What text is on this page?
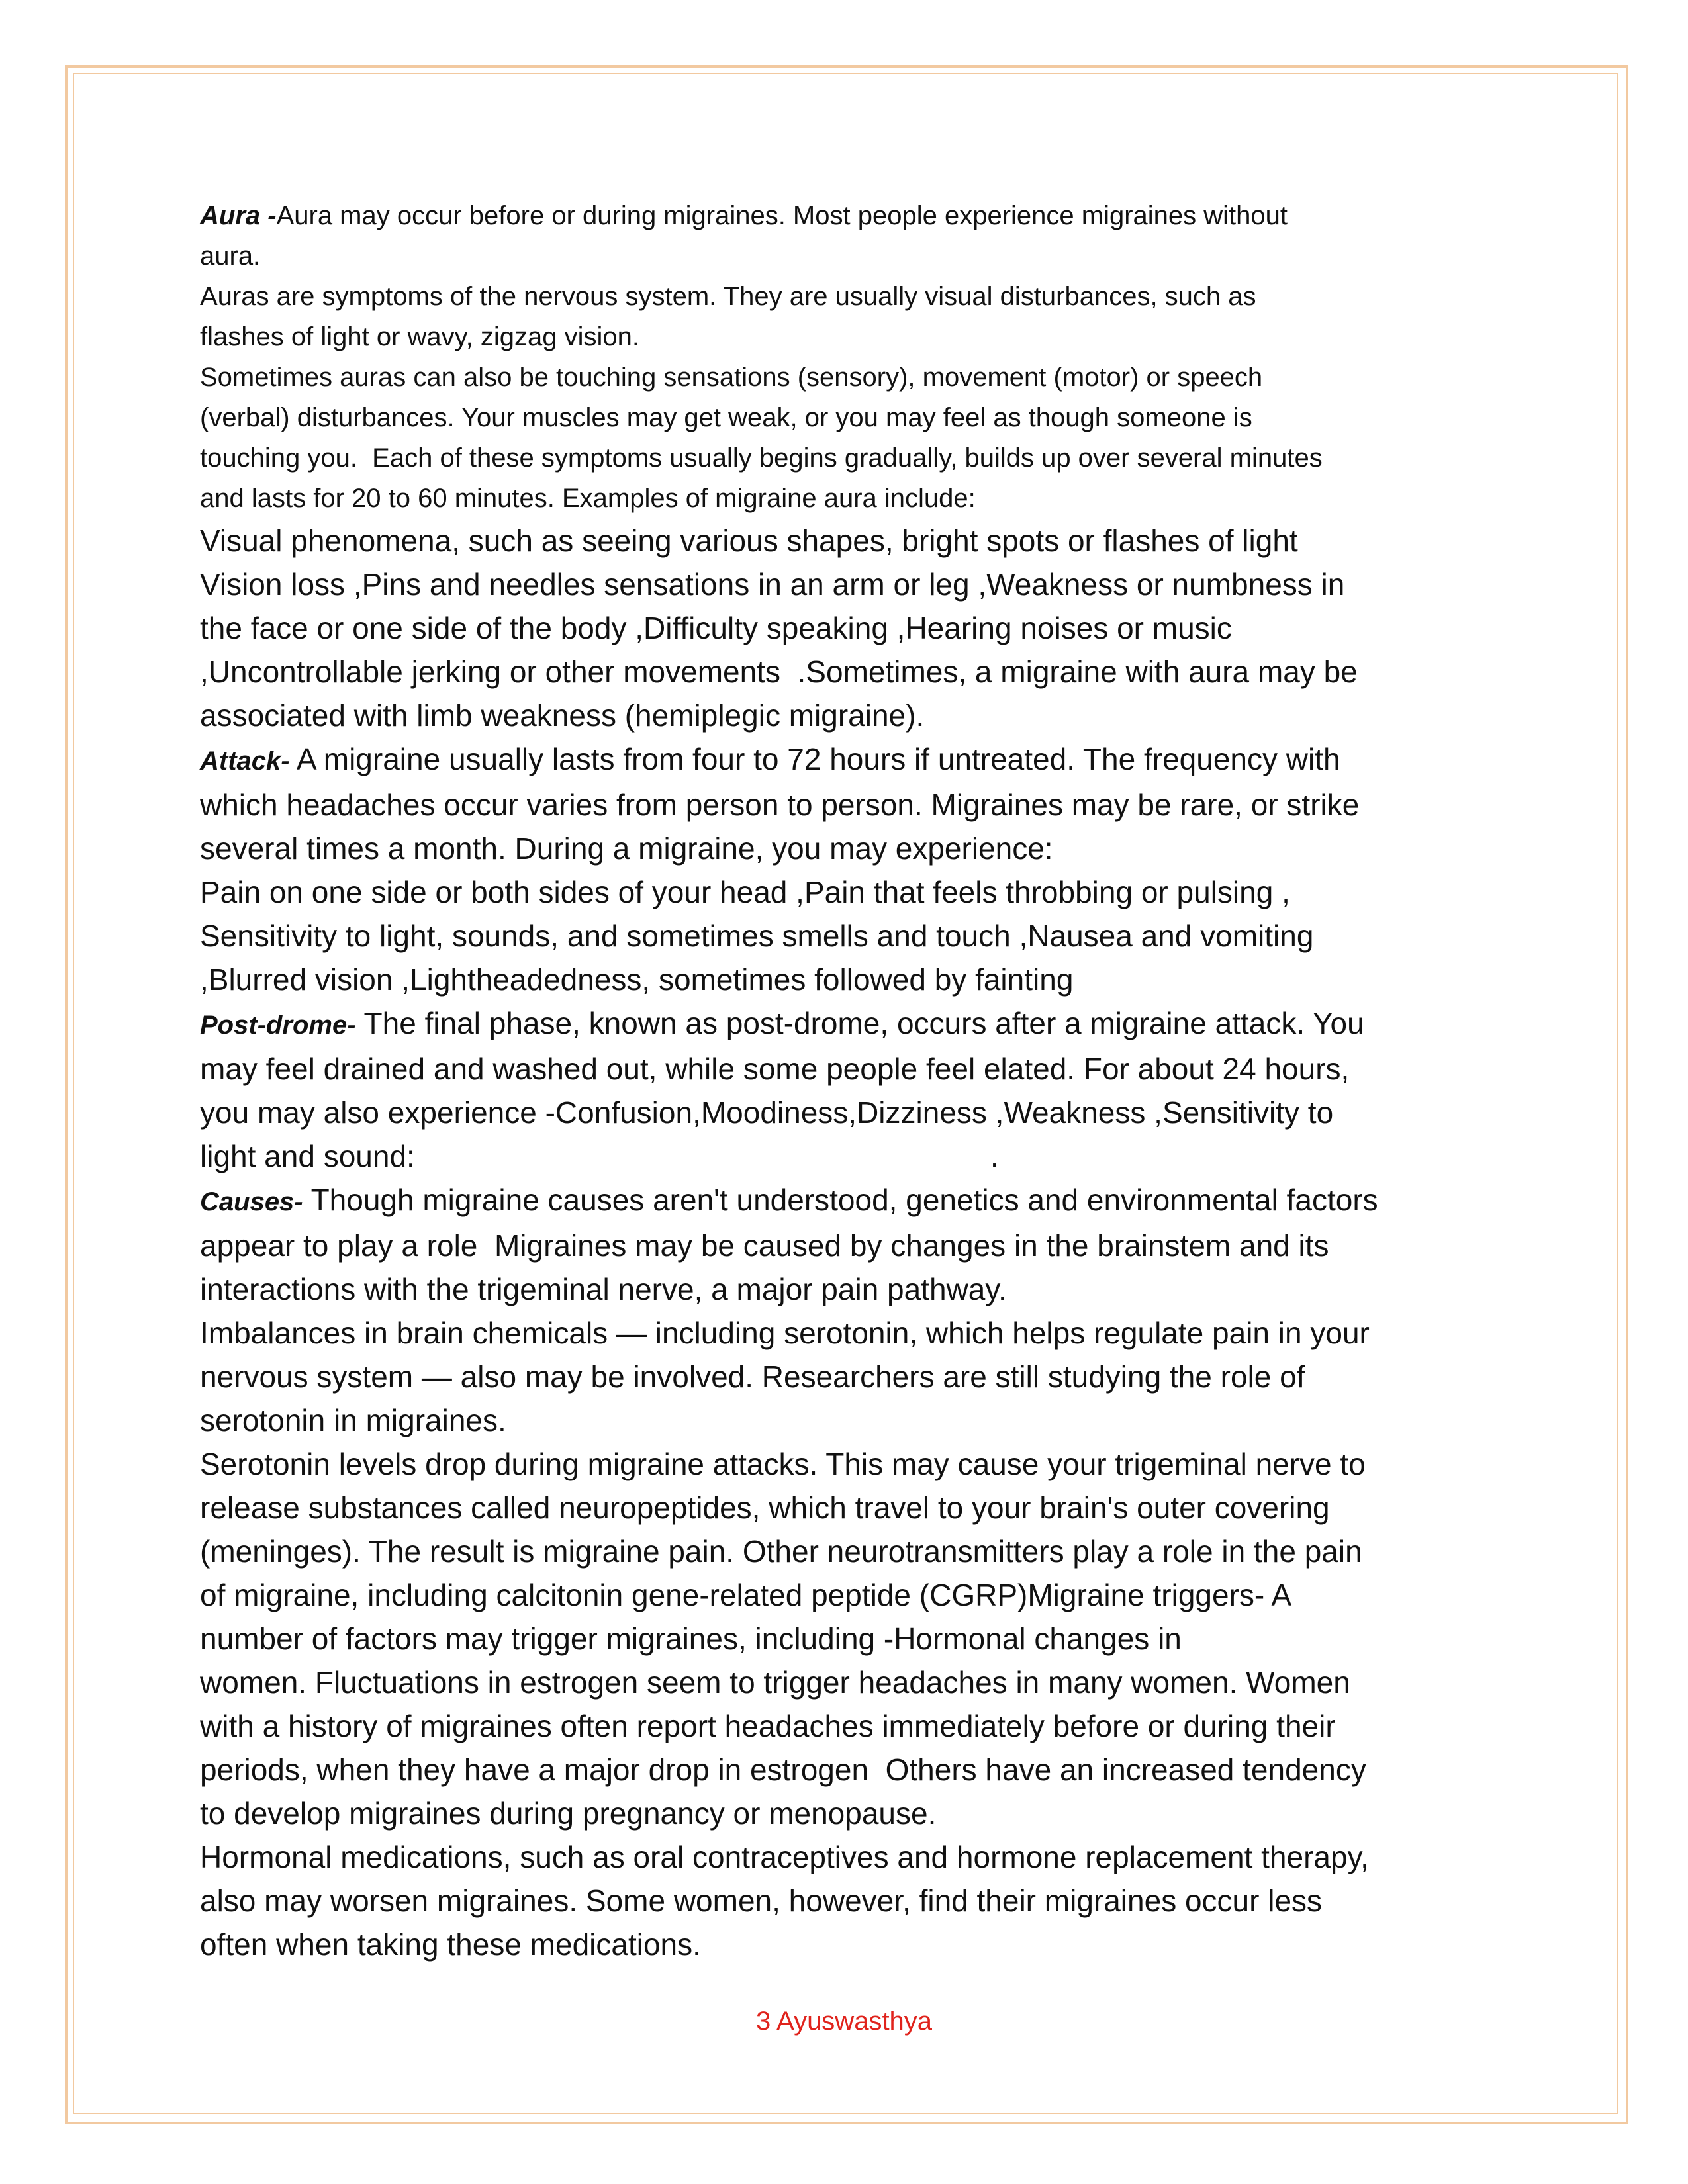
Aura -Aura may occur before or during migraines. Most people experience migraines without
aura.

Auras are symptoms of the nervous system. They are usually visual disturbances, such as
flashes of light or wavy, zigzag vision.

Sometimes auras can also be touching sensations (sensory), movement (motor) or speech
(verbal) disturbances. Your muscles may get weak, or you may feel as though someone is
touching you.  Each of these symptoms usually begins gradually, builds up over several minutes
and lasts for 20 to 60 minutes. Examples of migraine aura include:

Visual phenomena, such as seeing various shapes, bright spots or flashes of light
Vision loss ,Pins and needles sensations in an arm or leg ,Weakness or numbness in
the face or one side of the body ,Difficulty speaking ,Hearing noises or music
,Uncontrollable jerking or other movements  .Sometimes, a migraine with aura may be
associated with limb weakness (hemiplegic migraine).

Attack- A migraine usually lasts from four to 72 hours if untreated. The frequency with
which headaches occur varies from person to person. Migraines may be rare, or strike
several times a month. During a migraine, you may experience:

Pain on one side or both sides of your head ,Pain that feels throbbing or pulsing ,
Sensitivity to light, sounds, and sometimes smells and touch ,Nausea and vomiting
,Blurred vision ,Lightheadedness, sometimes followed by fainting

Post-drome- The final phase, known as post-drome, occurs after a migraine attack. You
may feel drained and washed out, while some people feel elated. For about 24 hours,
you may also experience -Confusion,Moodiness,Dizziness ,Weakness ,Sensitivity to
light and sound:                                                                    .

Causes- Though migraine causes aren't understood, genetics and environmental factors
appear to play a role  Migraines may be caused by changes in the brainstem and its
interactions with the trigeminal nerve, a major pain pathway.

Imbalances in brain chemicals — including serotonin, which helps regulate pain in your
nervous system — also may be involved. Researchers are still studying the role of
serotonin in migraines.

Serotonin levels drop during migraine attacks. This may cause your trigeminal nerve to
release substances called neuropeptides, which travel to your brain's outer covering
(meninges). The result is migraine pain. Other neurotransmitters play a role in the pain
of migraine, including calcitonin gene-related peptide (CGRP)Migraine triggers- A
number of factors may trigger migraines, including -Hormonal changes in
women. Fluctuations in estrogen seem to trigger headaches in many women. Women
with a history of migraines often report headaches immediately before or during their
periods, when they have a major drop in estrogen  Others have an increased tendency
to develop migraines during pregnancy or menopause.

Hormonal medications, such as oral contraceptives and hormone replacement therapy,
also may worsen migraines. Some women, however, find their migraines occur less
often when taking these medications.

3 Ayuswasthya
